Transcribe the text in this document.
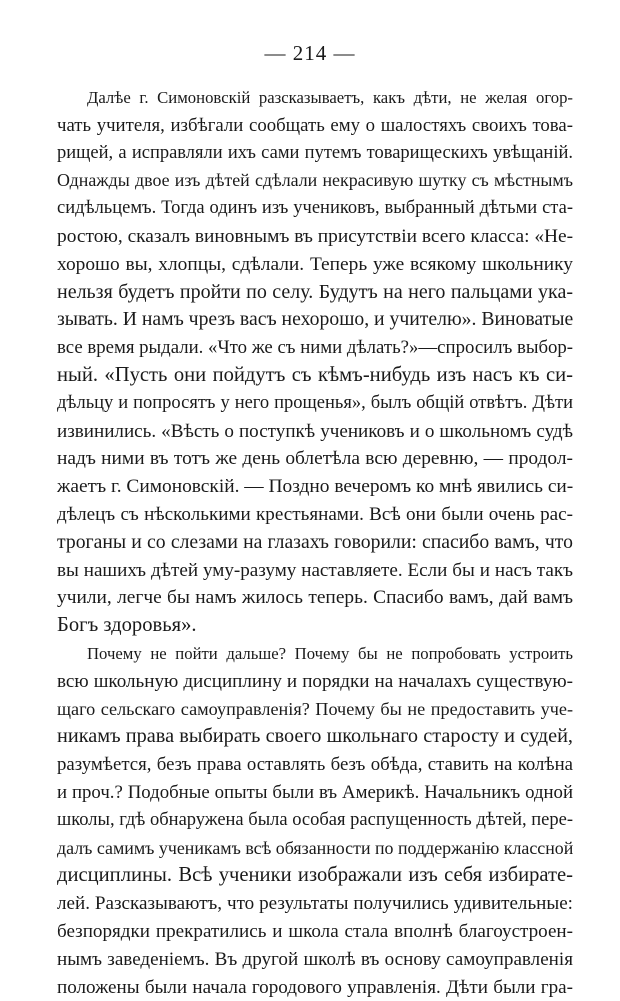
— 214 —
Далѣе г. Симоновскій разсказываетъ, какъ дѣти, не желая огор-
чать учителя, избѣгали сообщать ему о шалостяхъ своихъ това-
рищей, а исправляли ихъ сами путемъ товарищескихъ увѣщаній.
Однажды двое изъ дѣтей сдѣлали некрасивую шутку съ мѣстнымъ
сидѣльцемъ. Тогда одинъ изъ учениковъ, выбранный дѣтьми ста-
ростою, сказалъ виновнымъ въ присутствіи всего класса: «Не-
хорошо вы, хлопцы, сдѣлали. Теперь уже всякому школьнику
нельзя будетъ пройти по селу. Будутъ на него пальцами ука-
зывать. И намъ чрезъ васъ нехорошо, и учителю». Виноватые
все время рыдали. «Что же съ ними дѣлать?»—спросилъ выбор-
ный. «Пусть они пойдутъ съ кѣмъ-нибудь изъ насъ къ си-
дѣльцу и попросятъ у него прощенья», былъ общій отвѣтъ. Дѣти
извинились. «Вѣсть о поступкѣ учениковъ и о школьномъ судѣ
надъ ними въ тотъ же день облетѣла всю деревню, — продол-
жаетъ г. Симоновскій. — Поздно вечеромъ ко мнѣ явились си-
дѣлецъ съ нѣсколькими крестьянами. Всѣ они были очень рас-
троганы и со слезами на глазахъ говорили: спасибо вамъ, что
вы нашихъ дѣтей уму-разуму наставляете. Если бы и насъ такъ
учили, легче бы намъ жилось теперь. Спасибо вамъ, дай вамъ
Богъ здоровья».
Почему не пойти дальше? Почему бы не попробовать устроить
всю школьную дисциплину и порядки на началахъ существую-
щаго сельскаго самоуправленія? Почему бы не предоставить уче-
никамъ права выбирать своего школьнаго старосту и судей,
разумѣется, безъ права оставлять безъ обѣда, ставить на колѣна
и проч.? Подобные опыты были въ Америкѣ. Начальникъ одной
школы, гдѣ обнаружена была особая распущенность дѣтей, пере-
далъ самимъ ученикамъ всѣ обязанности по поддержанію классной
дисциплины. Всѣ ученики изображали изъ себя избирате-
лей. Разсказываютъ, что результаты получились удивительные:
безпорядки прекратились и школа стала вполнѣ благоустроен-
нымъ заведеніемъ. Въ другой школѣ въ основу самоуправленія
положены были начала городового управленія. Дѣти были гра-
